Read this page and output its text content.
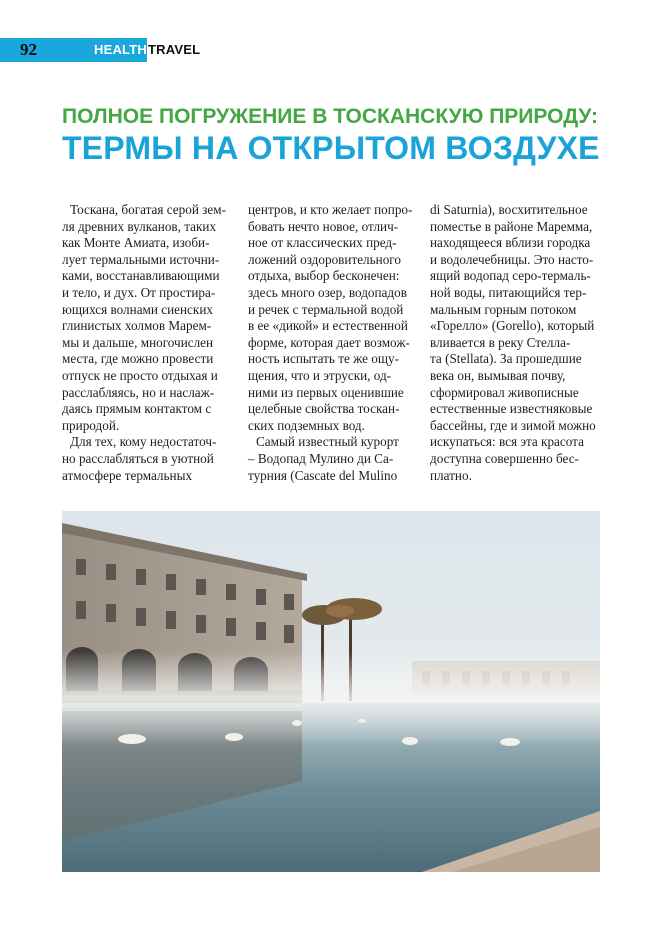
92	HEALTH TRAVEL
ПОЛНОЕ ПОГРУЖЕНИЕ В ТОСКАНСКУЮ ПРИРОДУ:
ТЕРМЫ НА ОТКРЫТОМ ВОЗДУХЕ

Тоскана, богатая серой зем-
ля древних вулканов, таких
как Монте Амиата, изоби-
лует термальными источни-
ками, восстанавливающими
и тело, и дух. От простира-
ющихся волнами сиенских
глинистых холмов Марем-
мы и дальше, многочислен
места, где можно провести
отпуск не просто отдыхая и
расслабляясь, но и наслаж-
даясь прямым контактом с
природой.

Для тех, кому недостаточ-
но расслабляться в уютной
атмосфере термальных

центров, и кто желает попро-
бовать нечто новое, отлич-
ное от классических пред-
ложений оздоровительного
отдыха, выбор бесконечен:
здесь много озер, водопадов
и речек с термальной водой
в ее «дикой» и естественной
форме, которая дает возмож-
ность испытать те же ощу-
щения, что и этруски, од-
ними из первых оценившие
целебные свойства тоскан-
ских подземных вод.

Самый известный курорт
– Водопад Мулино ди Са-
турния (Cascate del Mulino

di Saturnia), восхитительное
поместье в районе Маремма,
находящееся вблизи городка
и водолечебницы. Это насто-
ящий водопад серо-термаль-
ной воды, питающийся тер-
мальным горным потоком
«Горелло» (Gorello), который
вливается в реку Стелла-
та (Stellata). За прошедшие
века он, вымывая почву,
сформировал живописные
естественные известняковые
бассейны, где и зимой можно
искупаться: вся эта красота
доступна совершенно бес-
платно.
